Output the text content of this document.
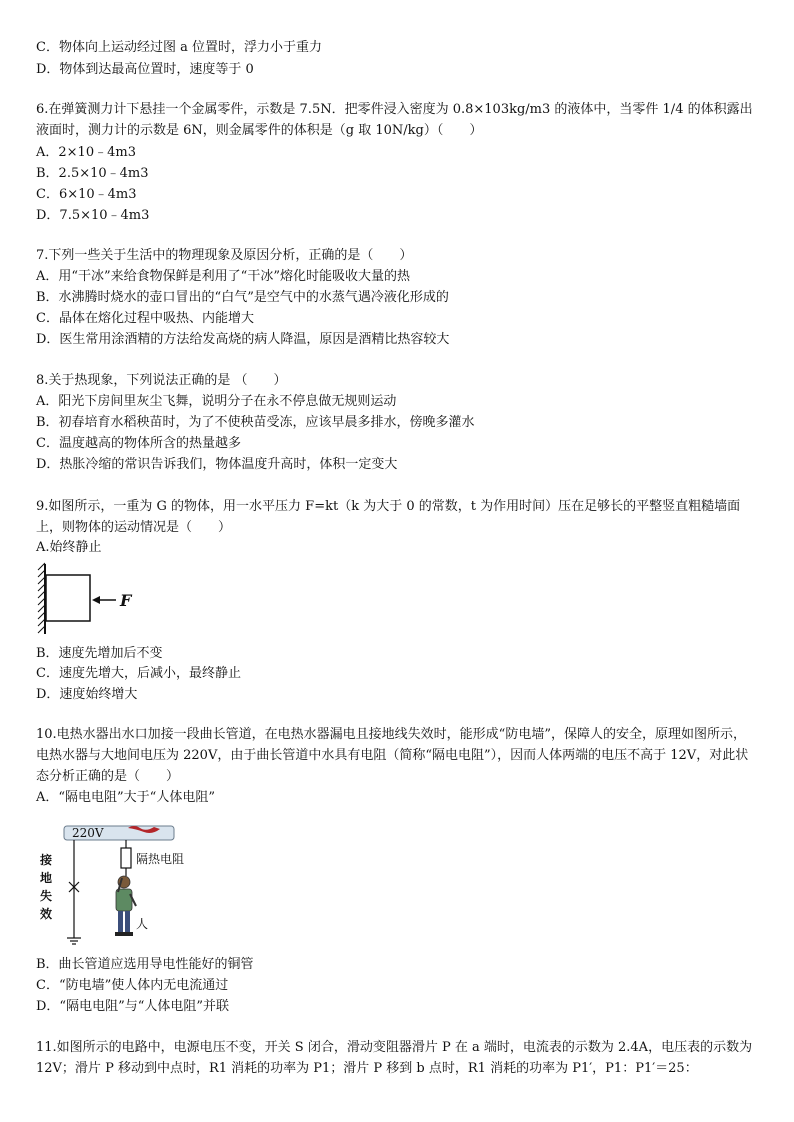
C．物体向上运动经过图 a 位置时，浮力小于重力
D．物体到达最高位置时，速度等于 0
6.在弹簧测力计下悬挂一个金属零件，示数是 7.5N．把零件浸入密度为 0.8×103kg/m3 的液体中，当零件 1/4 的体积露出液面时，测力计的示数是 6N，则金属零件的体积是（g 取 10N/kg）（　　）
A．2×10﹣4m3
B．2.5×10﹣4m3
C．6×10﹣4m3
D．7.5×10﹣4m3
7.下列一些关于生活中的物理现象及原因分析，正确的是（　　）
A．用“干冰”来给食物保鲜是利用了“干冰”熔化时能吸收大量的热
B．水沸腾时烧水的壶口冒出的“白气”是空气中的水蒸气遇冷液化形成的
C．晶体在熔化过程中吸热、内能增大
D．医生常用涂酒精的方法给发高烧的病人降温，原因是酒精比热容较大
8.关于热现象，下列说法正确的是 （　　）
A．阳光下房间里灰尘飞舞，说明分子在永不停息做无规则运动
B．初春培育水稻秧苗时，为了不使秧苗受冻，应该早晨多排水，傍晚多灌水
C．温度越高的物体所含的热量越多
D．热胀冷缩的常识告诉我们，物体温度升高时，体积一定变大
9.如图所示，一重为 G 的物体，用一水平压力 F=kt（k 为大于 0 的常数，t 为作用时间）压在足够长的平整竖直粗糙墙面上，则物体的运动情况是（　　）
A.始终静止
F
B．速度先增加后不变
C．速度先增大，后减小，最终静止
D．速度始终增大
10.电热水器出水口加接一段曲长管道，在电热水器漏电且接地线失效时，能形成“防电墙”，保障人的安全，原理如图所示，电热水器与大地间电压为 220V，由于曲长管道中水具有电阻（简称“隔电电阻”），因而人体两端的电压不高于 12V，对此状态分析正确的是（　　）
A．“隔电电阻”大于“人体电阻”
220V
接
地
失
效
隔热电阻
人
B．曲长管道应选用导电性能好的铜管
C．“防电墙”使人体内无电流通过
D．“隔电电阻”与“人体电阻”并联
11.如图所示的电路中，电源电压不变，开关 S 闭合，滑动变阻器滑片 P 在 a 端时，电流表的示数为 2.4A，电压表的示数为 12V；滑片 P 移动到中点时，R1 消耗的功率为 P1；滑片 P 移到 b 点时，R1 消耗的功率为 P1′，P1：P1′＝25：
